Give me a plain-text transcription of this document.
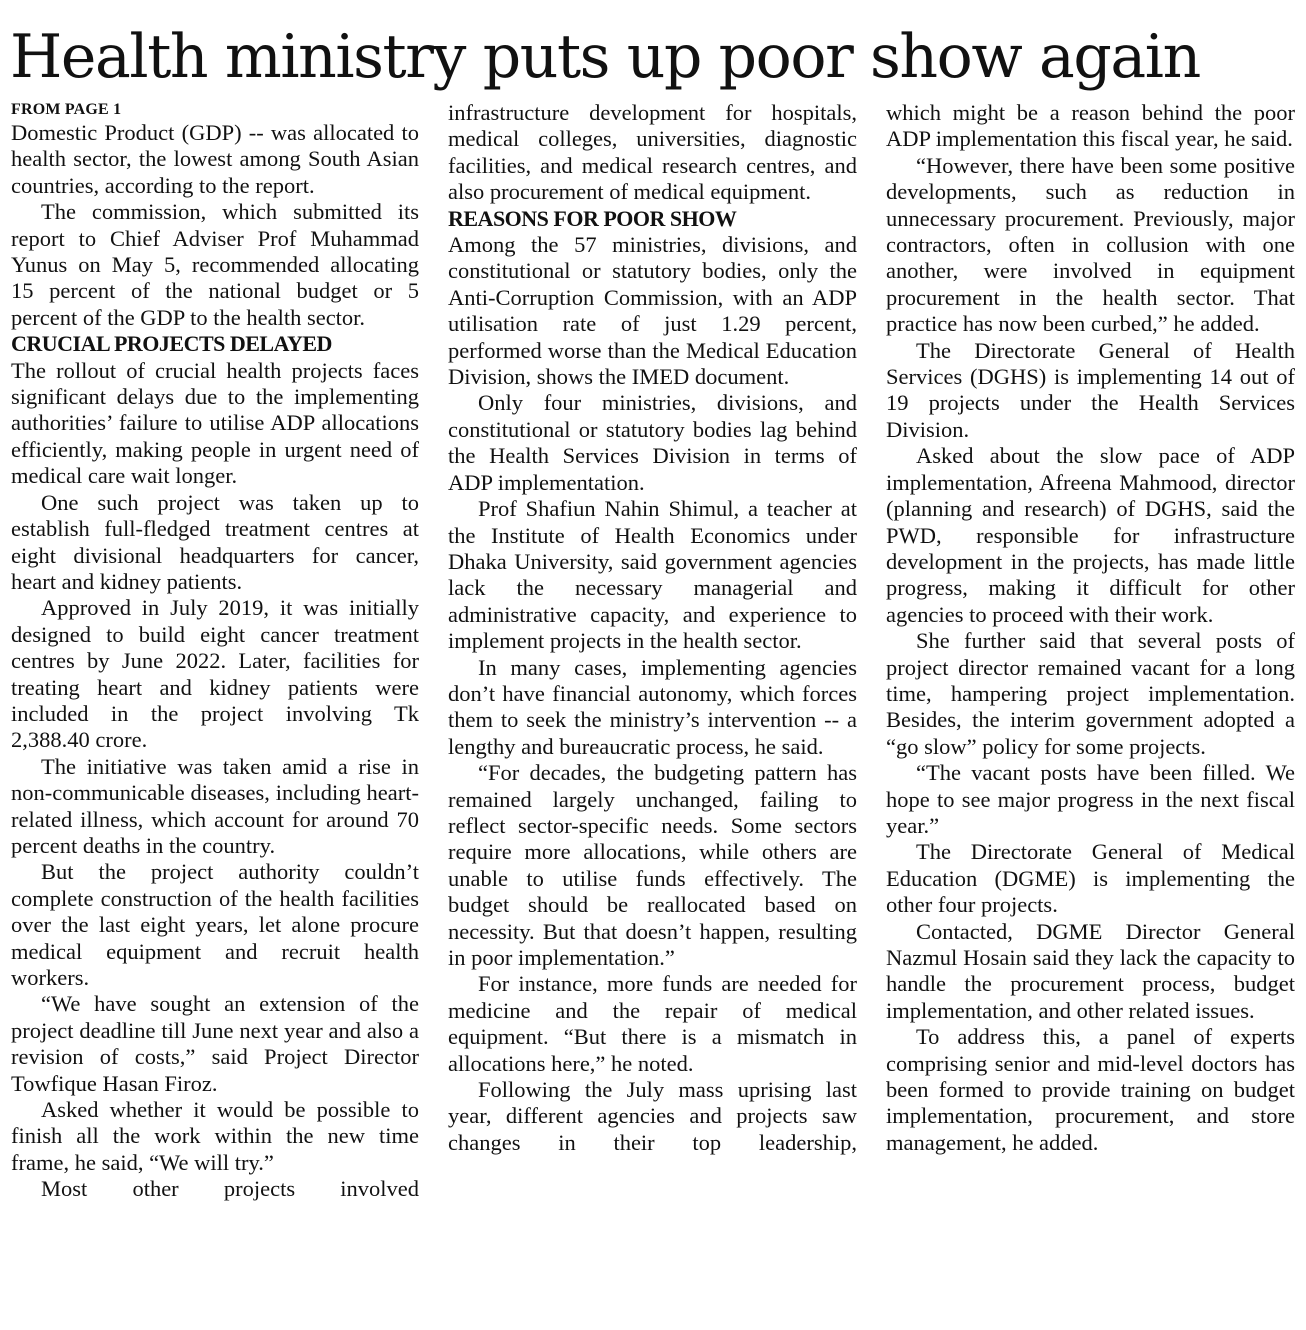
Health ministry puts up poor show again
FROM PAGE 1

Domestic Product (GDP) -- was allocated to health sector, the lowest among South Asian countries, according to the report.

The commission, which submitted its report to Chief Adviser Prof Muhammad Yunus on May 5, recommended allocating 15 percent of the national budget or 5 percent of the GDP to the health sector.

CRUCIAL PROJECTS DELAYED

The rollout of crucial health projects faces significant delays due to the implementing authorities’ failure to utilise ADP allocations efficiently, making people in urgent need of medical care wait longer.

One such project was taken up to establish full-fledged treatment centres at eight divisional headquarters for cancer, heart and kidney patients.

Approved in July 2019, it was initially designed to build eight cancer treatment centres by June 2022. Later, facilities for treating heart and kidney patients were included in the project involving Tk 2,388.40 crore.

The initiative was taken amid a rise in non-communicable diseases, including heart-related illness, which account for around 70 percent deaths in the country.

But the project authority couldn’t complete construction of the health facilities over the last eight years, let alone procure medical equipment and recruit health workers.

“We have sought an extension of the project deadline till June next year and also a revision of costs,” said Project Director Towfique Hasan Firoz.

Asked whether it would be possible to finish all the work within the new time frame, he said, “We will try.”

Most other projects involved

infrastructure development for hospitals, medical colleges, universities, diagnostic facilities, and medical research centres, and also procurement of medical equipment.

REASONS FOR POOR SHOW

Among the 57 ministries, divisions, and constitutional or statutory bodies, only the Anti-Corruption Commission, with an ADP utilisation rate of just 1.29 percent, performed worse than the Medical Education Division, shows the IMED document.

Only four ministries, divisions, and constitutional or statutory bodies lag behind the Health Services Division in terms of ADP implementation.

Prof Shafiun Nahin Shimul, a teacher at the Institute of Health Economics under Dhaka University, said government agencies lack the necessary managerial and administrative capacity, and experience to implement projects in the health sector.

In many cases, implementing agencies don’t have financial autonomy, which forces them to seek the ministry’s intervention -- a lengthy and bureaucratic process, he said.

“For decades, the budgeting pattern has remained largely unchanged, failing to reflect sector-specific needs. Some sectors require more allocations, while others are unable to utilise funds effectively. The budget should be reallocated based on necessity. But that doesn’t happen, resulting in poor implementation.”

For instance, more funds are needed for medicine and the repair of medical equipment. “But there is a mismatch in allocations here,” he noted.

Following the July mass uprising last year, different agencies and projects saw changes in their top leadership,

which might be a reason behind the poor ADP implementation this fiscal year, he said.

“However, there have been some positive developments, such as reduction in unnecessary procurement. Previously, major contractors, often in collusion with one another, were involved in equipment procurement in the health sector. That practice has now been curbed,” he added.

The Directorate General of Health Services (DGHS) is implementing 14 out of 19 projects under the Health Services Division.

Asked about the slow pace of ADP implementation, Afreena Mahmood, director (planning and research) of DGHS, said the PWD, responsible for infrastructure development in the projects, has made little progress, making it difficult for other agencies to proceed with their work.

She further said that several posts of project director remained vacant for a long time, hampering project implementation. Besides, the interim government adopted a “go slow” policy for some projects.

“The vacant posts have been filled. We hope to see major progress in the next fiscal year.”

The Directorate General of Medical Education (DGME) is implementing the other four projects.

Contacted, DGME Director General Nazmul Hosain said they lack the capacity to handle the procurement process, budget implementation, and other related issues.

To address this, a panel of experts comprising senior and mid-level doctors has been formed to provide training on budget implementation, procurement, and store management, he added.
